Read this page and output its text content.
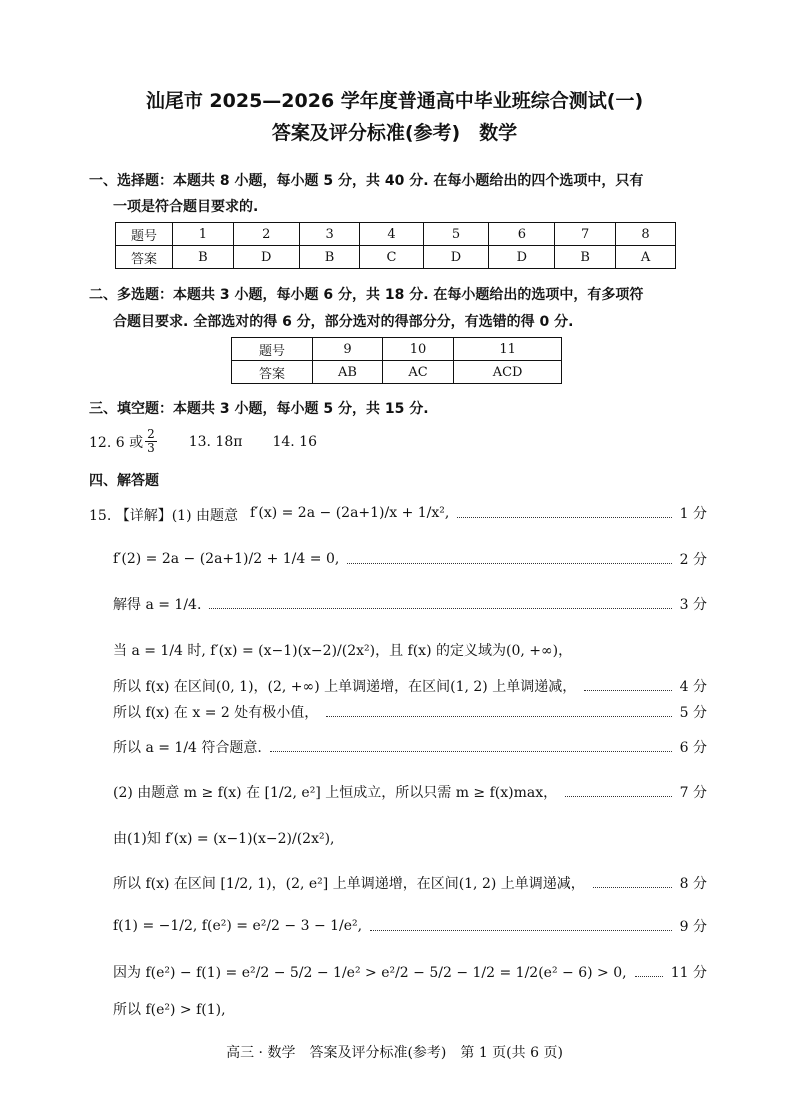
汕尾市 2025—2026 学年度普通高中毕业班综合测试(一)
答案及评分标准(参考)　数学
一、选择题：本题共 8 小题，每小题 5 分，共 40 分. 在每小题给出的四个选项中，只有
一项是符合题目要求的.
题号	1	2	3	4	5	6	7	8
答案	B	D	B	C	D	D	B	A
二、多选题：本题共 3 小题，每小题 6 分，共 18 分. 在每小题给出的选项中，有多项符
合题目要求. 全部选对的得 6 分，部分选对的得部分分，有选错的得 0 分.
题号	9	10	11
答案	AB	AC	ACD
三、填空题：本题共 3 小题，每小题 5 分，共 15 分.
12. 6 或 $\frac{2}{3} 13$. 18π 14. 16
四、解答题
15. 【详解】(1) 由题意 f′(x) = 2a − (2a+1)/x + 1/x²,	1 分
f′(2) = 2a − (2a+1)/2 + 1/4 = 0,	2 分
解得 a = 1/4.	3 分
当 a = 1/4 时, f′(x) = (x−1)(x−2)/(2x²)，且 f(x) 的定义域为(0, +∞)，
所以 f(x) 在区间(0, 1)，(2, +∞) 上单调递增，在区间(1, 2) 上单调递减，	4 分
所以 f(x) 在 x = 2 处有极小值，	5 分
所以 a = 1/4 符合题意.	6 分
(2) 由题意 m ≥ f(x) 在 [1/2, e²] 上恒成立，所以只需 m ≥ f(x)max，	7 分
由(1)知 f′(x) = (x−1)(x−2)/(2x²),
所以 f(x) 在区间 [1/2, 1)，(2, e²] 上单调递增，在区间(1, 2) 上单调递减，	8 分
f(1) = −1/2, f(e²) = e²/2 − 3 − 1/e²,	9 分
因为 f(e²) − f(1) = e²/2 − 5/2 − 1/e² > e²/2 − 5/2 − 1/2 = 1/2(e² − 6) > 0,	11 分
所以 f(e²) > f(1),
高三 · 数学　答案及评分标准(参考)　第 1 页(共 6 页)
